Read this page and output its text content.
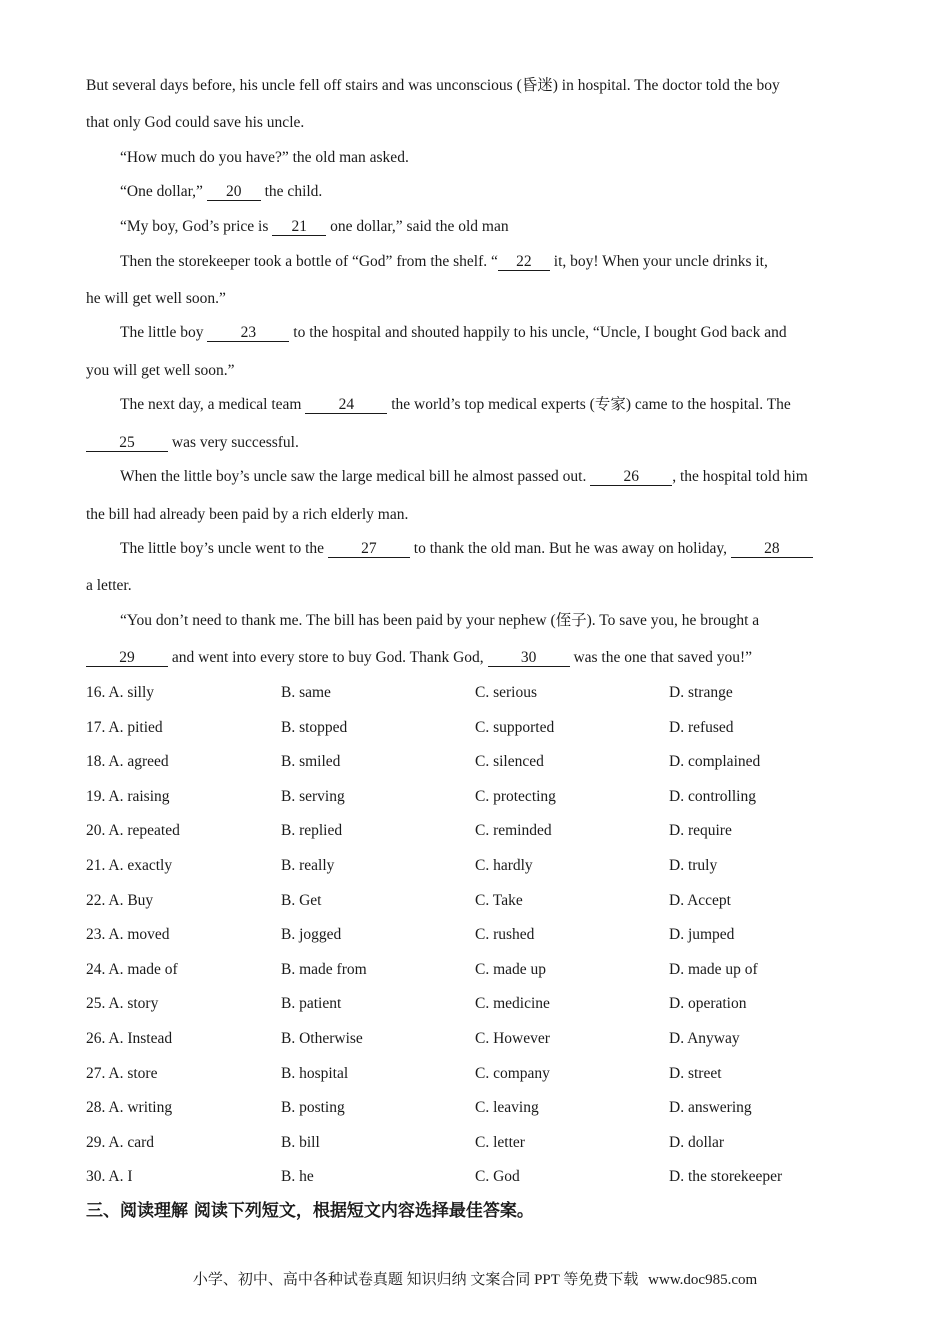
But several days before, his uncle fell off stairs and was unconscious (昏迷) in hospital. The doctor told the boy
that only God could save his uncle.
“How much do you have?” the old man asked.
“One dollar,” 20 the child.
“My boy, God’s price is 21 one dollar,” said the old man
Then the storekeeper took a bottle of “God” from the shelf. “ 22 it, boy! When your uncle drinks it,
he will get well soon.”
The little boy 23 to the hospital and shouted happily to his uncle, “Uncle, I bought God back and
you will get well soon.”
The next day, a medical team 24 the world’s top medical experts (专家) came to the hospital. The
25 was very successful.
When the little boy’s uncle saw the large medical bill he almost passed out. 26 , the hospital told him
the bill had already been paid by a rich elderly man.
The little boy’s uncle went to the 27 to thank the old man. But he was away on holiday, 28
a letter.
“You don’t need to thank me. The bill has been paid by your nephew (侄子). To save you, he brought a
29 and went into every store to buy God. Thank God, 30 was the one that saved you!”
16. A. silly	B. same	C. serious	D. strange
17. A. pitied	B. stopped	C. supported	D. refused
18. A. agreed	B. smiled	C. silenced	D. complained
19. A. raising	B. serving	C. protecting	D. controlling
20. A. repeated	B. replied	C. reminded	D. require
21. A. exactly	B. really	C. hardly	D. truly
22. A. Buy	B. Get	C. Take	D. Accept
23. A. moved	B. jogged	C. rushed	D. jumped
24. A. made of	B. made from	C. made up	D. made up of
25. A. story	B. patient	C. medicine	D. operation
26. A. Instead	B. Otherwise	C. However	D. Anyway
27. A. store	B. hospital	C. company	D. street
28. A. writing	B. posting	C. leaving	D. answering
29. A. card	B. bill	C. letter	D. dollar
30. A. I	B. he	C. God	D. the storekeeper
三、阅读理解 阅读下列短文，根据短文内容选择最佳答案。
小学、初中、高中各种试卷真题 知识归纳 文案合同 PPT 等免费下载 www.doc985.com
